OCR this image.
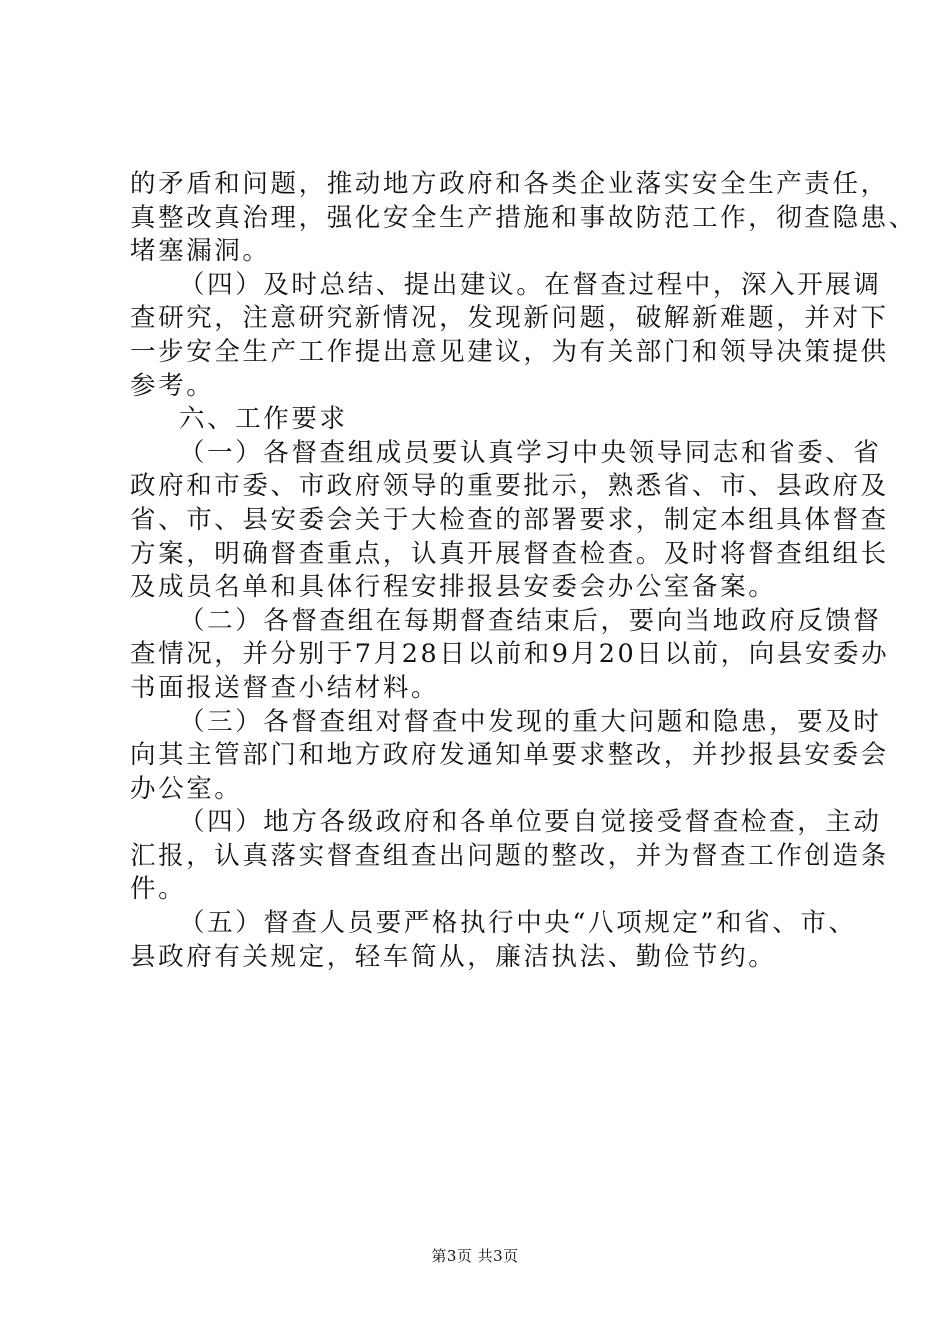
的矛盾和问题，推动地方政府和各类企业落实安全生产责任，

真整改真治理，强化安全生产措施和事故防范工作，彻查隐患、

堵塞漏洞。

（四）及时总结、提出建议。在督查过程中，深入开展调

查研究，注意研究新情况，发现新问题，破解新难题，并对下

一步安全生产工作提出意见建议，为有关部门和领导决策提供

参考。

六、工作要求

（一）各督查组成员要认真学习中央领导同志和省委、省

政府和市委、市政府领导的重要批示，熟悉省、市、县政府及

省、市、县安委会关于大检查的部署要求，制定本组具体督查

方案，明确督查重点，认真开展督查检查。及时将督查组组长

及成员名单和具体行程安排报县安委会办公室备案。

（二）各督查组在每期督查结束后，要向当地政府反馈督

查情况，并分别于7月28日以前和9月20日以前，向县安委办

书面报送督查小结材料。

（三）各督查组对督查中发现的重大问题和隐患，要及时

向其主管部门和地方政府发通知单要求整改，并抄报县安委会

办公室。

（四）地方各级政府和各单位要自觉接受督查检查，主动

汇报，认真落实督查组查出问题的整改，并为督查工作创造条

件。

（五）督查人员要严格执行中央“八项规定”和省、市、

县政府有关规定，轻车简从，廉洁执法、勤俭节约。

第3页 共3页
